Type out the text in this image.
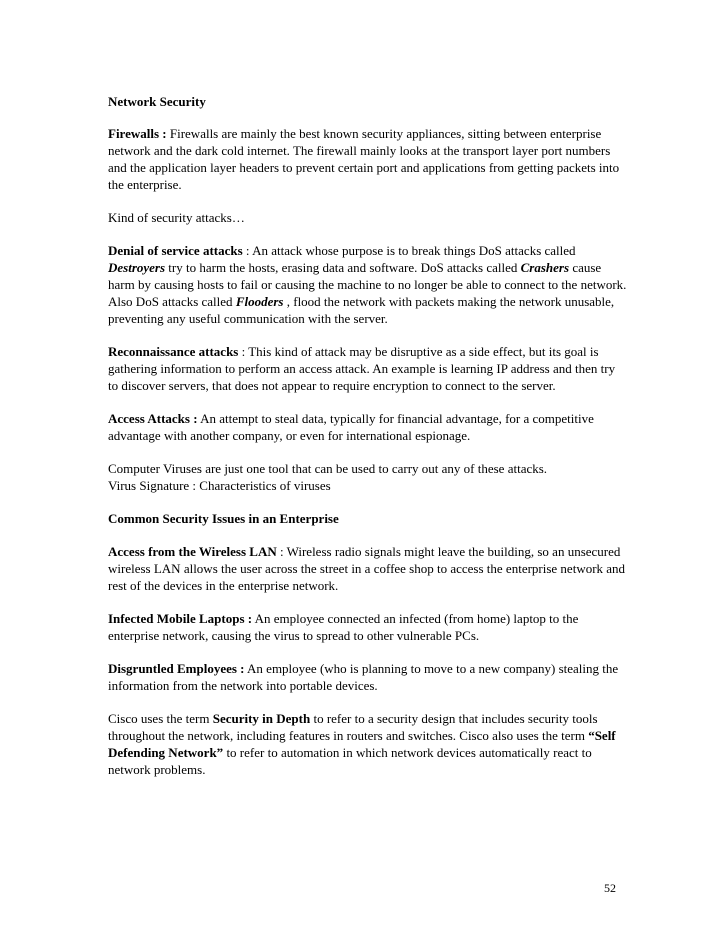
Network Security

Firewalls : Firewalls are mainly the best known security appliances, sitting between enterprise network and the dark cold internet. The firewall mainly looks at the transport layer port numbers and the application layer headers to prevent certain port and applications from getting packets into the enterprise.

Kind of security attacks…

Denial of service attacks : An attack whose purpose is to break things DoS attacks called Destroyers try to harm the hosts, erasing data and software. DoS attacks called Crashers cause harm by causing hosts to fail or causing the machine to no longer be able to connect to the network. Also DoS attacks called Flooders , flood the network with packets making the network unusable, preventing any useful communication with the server.

Reconnaissance attacks : This kind of attack may be disruptive as a side effect, but its goal is gathering information to perform an access attack. An example is learning IP address and then try to discover servers, that does not appear to require encryption to connect to the server.

Access Attacks : An attempt to steal data, typically for financial advantage, for a competitive advantage with another company, or even for international espionage.

Computer Viruses are just one tool that can be used to carry out any of these attacks.
Virus Signature : Characteristics of viruses

Common Security Issues in an Enterprise

Access from the Wireless LAN : Wireless radio signals might leave the building, so an unsecured wireless LAN allows the user across the street in a coffee shop to access the enterprise network and rest of the devices in the enterprise network.

Infected Mobile Laptops : An employee connected an infected (from home) laptop to the enterprise network, causing the virus to spread to other vulnerable PCs.

Disgruntled Employees : An employee (who is planning to move to a new company) stealing the information from the network into portable devices.

Cisco uses the term Security in Depth to refer to a security design that includes security tools throughout the network, including features in routers and switches. Cisco also uses the term “Self Defending Network” to refer to automation in which network devices automatically react to network problems.

52
